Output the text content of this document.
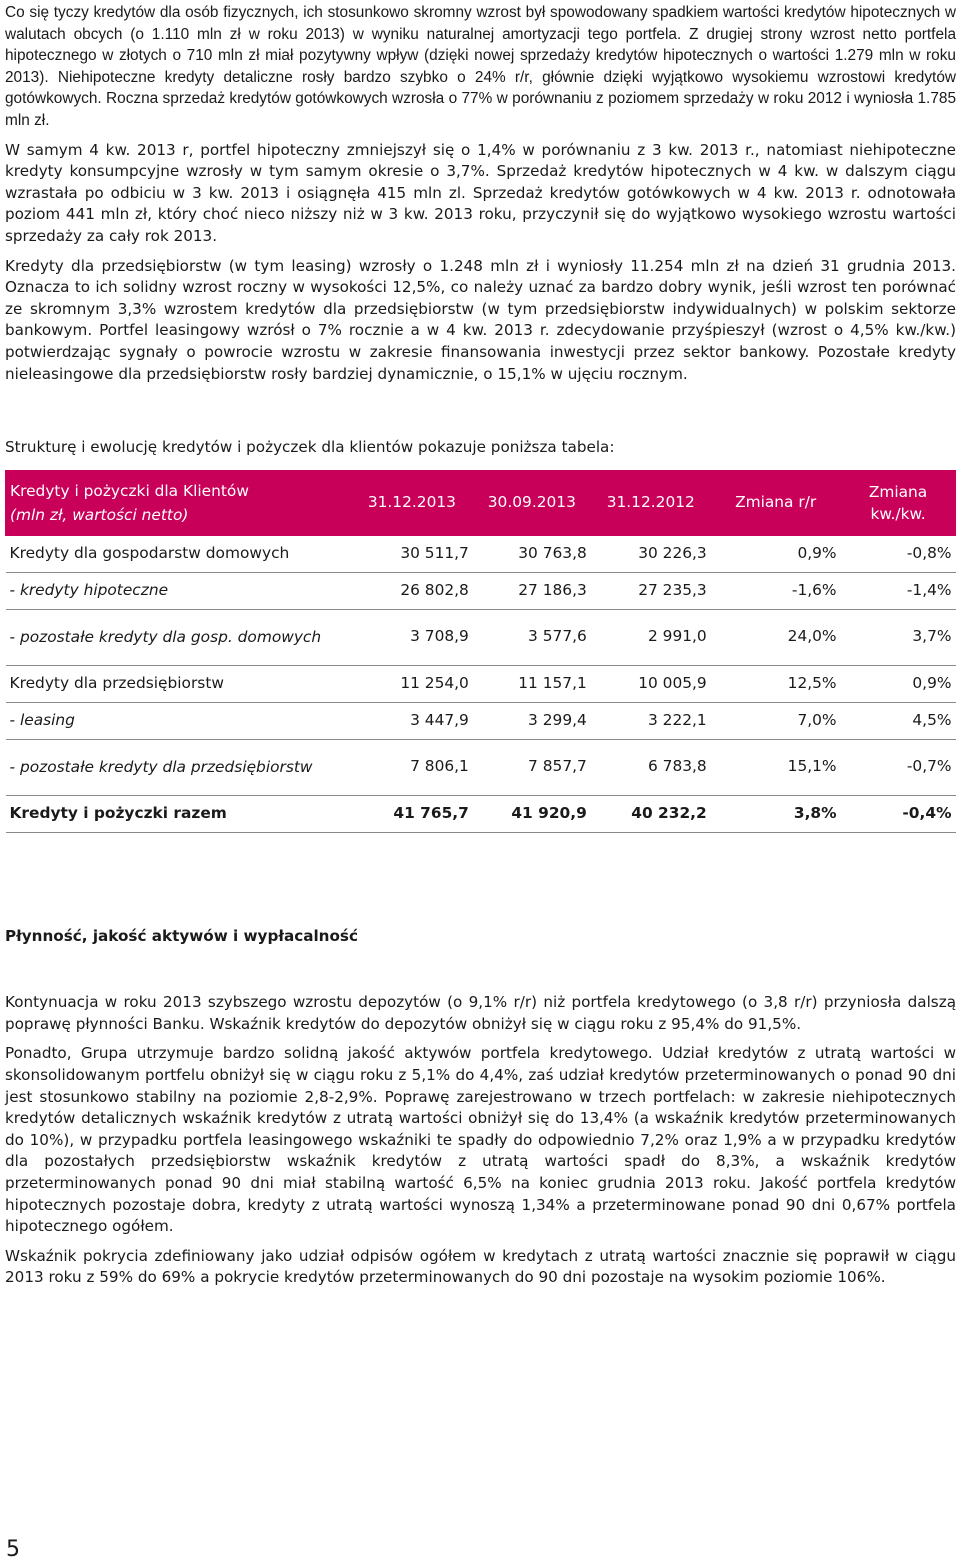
Co się tyczy kredytów dla osób fizycznych, ich stosunkowo skromny wzrost był spowodowany spadkiem wartości kredytów hipotecznych w walutach obcych (o 1.110 mln zł w roku 2013) w wyniku naturalnej amortyzacji tego portfela. Z drugiej strony wzrost netto portfela hipotecznego w złotych o 710 mln zł miał pozytywny wpływ (dzięki nowej sprzedaży kredytów hipotecznych o wartości 1.279 mln w roku 2013). Niehipoteczne kredyty detaliczne rosły bardzo szybko o 24% r/r, głównie dzięki wyjątkowo wysokiemu wzrostowi kredytów gotówkowych. Roczna sprzedaż kredytów gotówkowych wzrosła o 77% w porównaniu z poziomem sprzedaży w roku 2012 i wyniosła 1.785 mln zł.

W samym 4 kw. 2013 r, portfel hipoteczny zmniejszył się o 1,4% w porównaniu z 3 kw. 2013 r., natomiast niehipoteczne kredyty konsumpcyjne wzrosły w tym samym okresie o 3,7%. Sprzedaż kredytów hipotecznych w 4 kw. w dalszym ciągu wzrastała po odbiciu w 3 kw. 2013 i osiągnęła 415 mln zl. Sprzedaż kredytów gotówkowych w 4 kw. 2013 r. odnotowała poziom 441 mln zł, który choć nieco niższy niż w 3 kw. 2013 roku, przyczynił się do wyjątkowo wysokiego wzrostu wartości sprzedaży za cały rok 2013.

Kredyty dla przedsiębiorstw (w tym leasing) wzrosły o 1.248 mln zł i wyniosły 11.254 mln zł na dzień 31 grudnia 2013. Oznacza to ich solidny wzrost roczny w wysokości 12,5%, co należy uznać za bardzo dobry wynik, jeśli wzrost ten porównać ze skromnym 3,3% wzrostem kredytów dla przedsiębiorstw (w tym przedsiębiorstw indywidualnych) w polskim sektorze bankowym. Portfel leasingowy wzrósł o 7% rocznie a w 4 kw. 2013 r. zdecydowanie przyśpieszył (wzrost o 4,5% kw./kw.) potwierdzając sygnały o powrocie wzrostu w zakresie finansowania inwestycji przez sektor bankowy. Pozostałe kredyty nieleasingowe dla przedsiębiorstw rosły bardziej dynamicznie, o 15,1% w ujęciu rocznym.

Strukturę i ewolucję kredytów i pożyczek dla klientów pokazuje poniższa tabela:

Kredyty i pożyczki dla Klientów
(mln zł, wartości netto)	31.12.2013	30.09.2013	31.12.2012	Zmiana r/r	Zmiana kw./kw.
Kredyty dla gospodarstw domowych	30 511,7	30 763,8	30 226,3	0,9%	-0,8%
- kredyty hipoteczne	26 802,8	27 186,3	27 235,3	-1,6%	-1,4%
- pozostałe kredyty dla gosp. domowych	3 708,9	3 577,6	2 991,0	24,0%	3,7%
Kredyty dla przedsiębiorstw	11 254,0	11 157,1	10 005,9	12,5%	0,9%
- leasing	3 447,9	3 299,4	3 222,1	7,0%	4,5%
- pozostałe kredyty dla przedsiębiorstw	7 806,1	7 857,7	6 783,8	15,1%	-0,7%
Kredyty i pożyczki razem	41 765,7	41 920,9	40 232,2	3,8%	-0,4%

Płynność, jakość aktywów i wypłacalność

Kontynuacja w roku 2013 szybszego wzrostu depozytów (o 9,1% r/r) niż portfela kredytowego (o 3,8 r/r) przyniosła dalszą poprawę płynności Banku. Wskaźnik kredytów do depozytów obniżył się w ciągu roku z 95,4% do 91,5%.

Ponadto, Grupa utrzymuje bardzo solidną jakość aktywów portfela kredytowego. Udział kredytów z utratą wartości w skonsolidowanym portfelu obniżył się w ciągu roku z 5,1% do 4,4%, zaś udział kredytów przeterminowanych o ponad 90 dni jest stosunkowo stabilny na poziomie 2,8-2,9%. Poprawę zarejestrowano w trzech portfelach: w zakresie niehipotecznych kredytów detalicznych wskaźnik kredytów z utratą wartości obniżył się do 13,4% (a wskaźnik kredytów przeterminowanych do 10%), w przypadku portfela leasingowego wskaźniki te spadły do odpowiednio 7,2% oraz 1,9% a w przypadku kredytów dla pozostałych przedsiębiorstw wskaźnik kredytów z utratą wartości spadł do 8,3%, a wskaźnik kredytów przeterminowanych ponad 90 dni miał stabilną wartość 6,5% na koniec grudnia 2013 roku. Jakość portfela kredytów hipotecznych pozostaje dobra, kredyty z utratą wartości wynoszą 1,34% a przeterminowane ponad 90 dni 0,67% portfela hipotecznego ogółem.

Wskaźnik pokrycia zdefiniowany jako udział odpisów ogółem w kredytach z utratą wartości znacznie się poprawił w ciągu 2013 roku z 59% do 69% a pokrycie kredytów przeterminowanych do 90 dni pozostaje na wysokim poziomie 106%.

5
